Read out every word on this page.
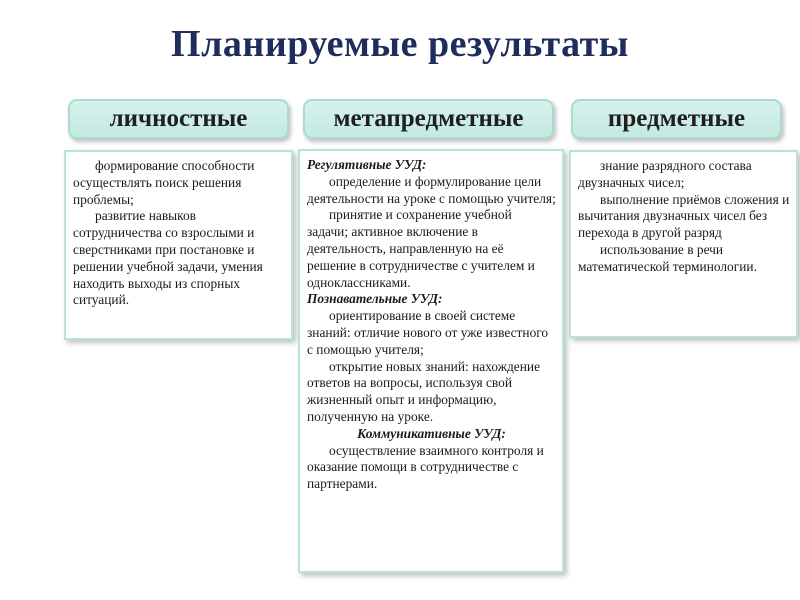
Планируемые результаты
личностные	метапредметные	предметные
формирование способности осуществлять поиск решения проблемы;
развитие навыков сотрудничества со взрослыми и сверстниками при постановке и решении учебной задачи, умения находить выходы из спорных ситуаций.
Регулятивные УУД:
определение и формулирование цели деятельности на уроке с помощью учителя;
принятие и сохранение учебной задачи; активное включение в деятельность, направленную на её решение в сотрудничестве с учителем и одноклассниками.
Познавательные УУД:
ориентирование в своей системе знаний: отличие нового от уже известного с помощью учителя;
открытие новых знаний: нахождение ответов на вопросы, используя свой жизненный опыт и информацию, полученную на уроке.
Коммуникативные УУД:
осуществление взаимного контроля и оказание помощи в сотрудничестве с партнерами.
знание разрядного состава двузначных чисел;
выполнение приёмов сложения и вычитания двузначных чисел без перехода в другой разряд
использование в речи математической терминологии.
